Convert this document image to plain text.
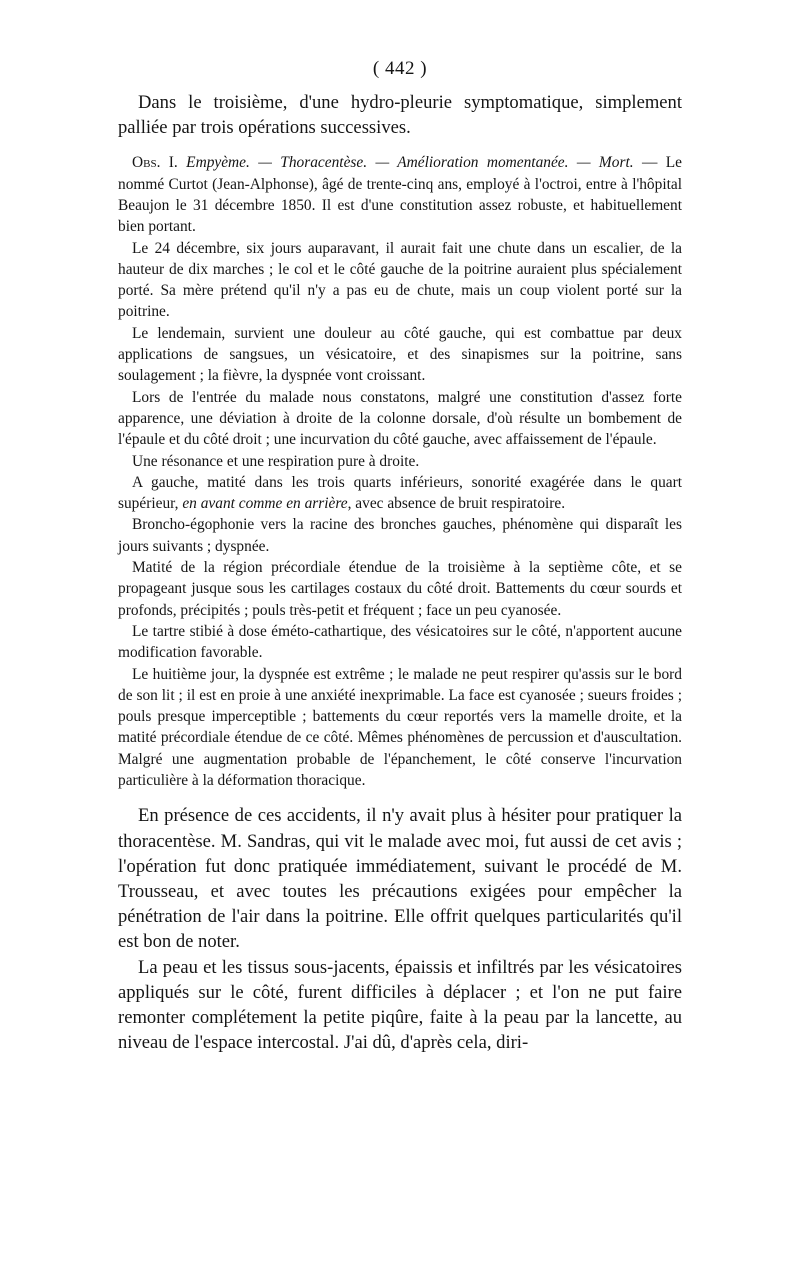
( 442 )

Dans le troisième, d'une hydro-pleurie symptomatique, simplement palliée par trois opérations successives.

Obs. I. Empyème. — Thoracentèse. — Amélioration momentanée. — Mort. — Le nommé Curtot (Jean-Alphonse), âgé de trente-cinq ans, employé à l'octroi, entre à l'hôpital Beaujon le 31 décembre 1850. Il est d'une constitution assez robuste, et habituellement bien portant.

Le 24 décembre, six jours auparavant, il aurait fait une chute dans un escalier, de la hauteur de dix marches ; le col et le côté gauche de la poitrine auraient plus spécialement porté. Sa mère prétend qu'il n'y a pas eu de chute, mais un coup violent porté sur la poitrine.

Le lendemain, survient une douleur au côté gauche, qui est combattue par deux applications de sangsues, un vésicatoire, et des sinapismes sur la poitrine, sans soulagement ; la fièvre, la dyspnée vont croissant.

Lors de l'entrée du malade nous constatons, malgré une constitution d'assez forte apparence, une déviation à droite de la colonne dorsale, d'où résulte un bombement de l'épaule et du côté droit ; une incurvation du côté gauche, avec affaissement de l'épaule.

Une résonance et une respiration pure à droite.

A gauche, matité dans les trois quarts inférieurs, sonorité exagérée dans le quart supérieur, en avant comme en arrière, avec absence de bruit respiratoire.

Broncho-égophonie vers la racine des bronches gauches, phénomène qui disparaît les jours suivants ; dyspnée.

Matité de la région précordiale étendue de la troisième à la septième côte, et se propageant jusque sous les cartilages costaux du côté droit. Battements du cœur sourds et profonds, précipités ; pouls très-petit et fréquent ; face un peu cyanosée.

Le tartre stibié à dose éméto-cathartique, des vésicatoires sur le côté, n'apportent aucune modification favorable.

Le huitième jour, la dyspnée est extrême ; le malade ne peut respirer qu'assis sur le bord de son lit ; il est en proie à une anxiété inexprimable. La face est cyanosée ; sueurs froides ; pouls presque imperceptible ; battements du cœur reportés vers la mamelle droite, et la matité précordiale étendue de ce côté. Mêmes phénomènes de percussion et d'auscultation. Malgré une augmentation probable de l'épanchement, le côté conserve l'incurvation particulière à la déformation thoracique.

En présence de ces accidents, il n'y avait plus à hésiter pour pratiquer la thoracentèse. M. Sandras, qui vit le malade avec moi, fut aussi de cet avis ; l'opération fut donc pratiquée immédiatement, suivant le procédé de M. Trousseau, et avec toutes les précautions exigées pour empêcher la pénétration de l'air dans la poitrine. Elle offrit quelques particularités qu'il est bon de noter.

La peau et les tissus sous-jacents, épaissis et infiltrés par les vésicatoires appliqués sur le côté, furent difficiles à déplacer ; et l'on ne put faire remonter complétement la petite piqûre, faite à la peau par la lancette, au niveau de l'espace intercostal. J'ai dû, d'après cela, diri-
